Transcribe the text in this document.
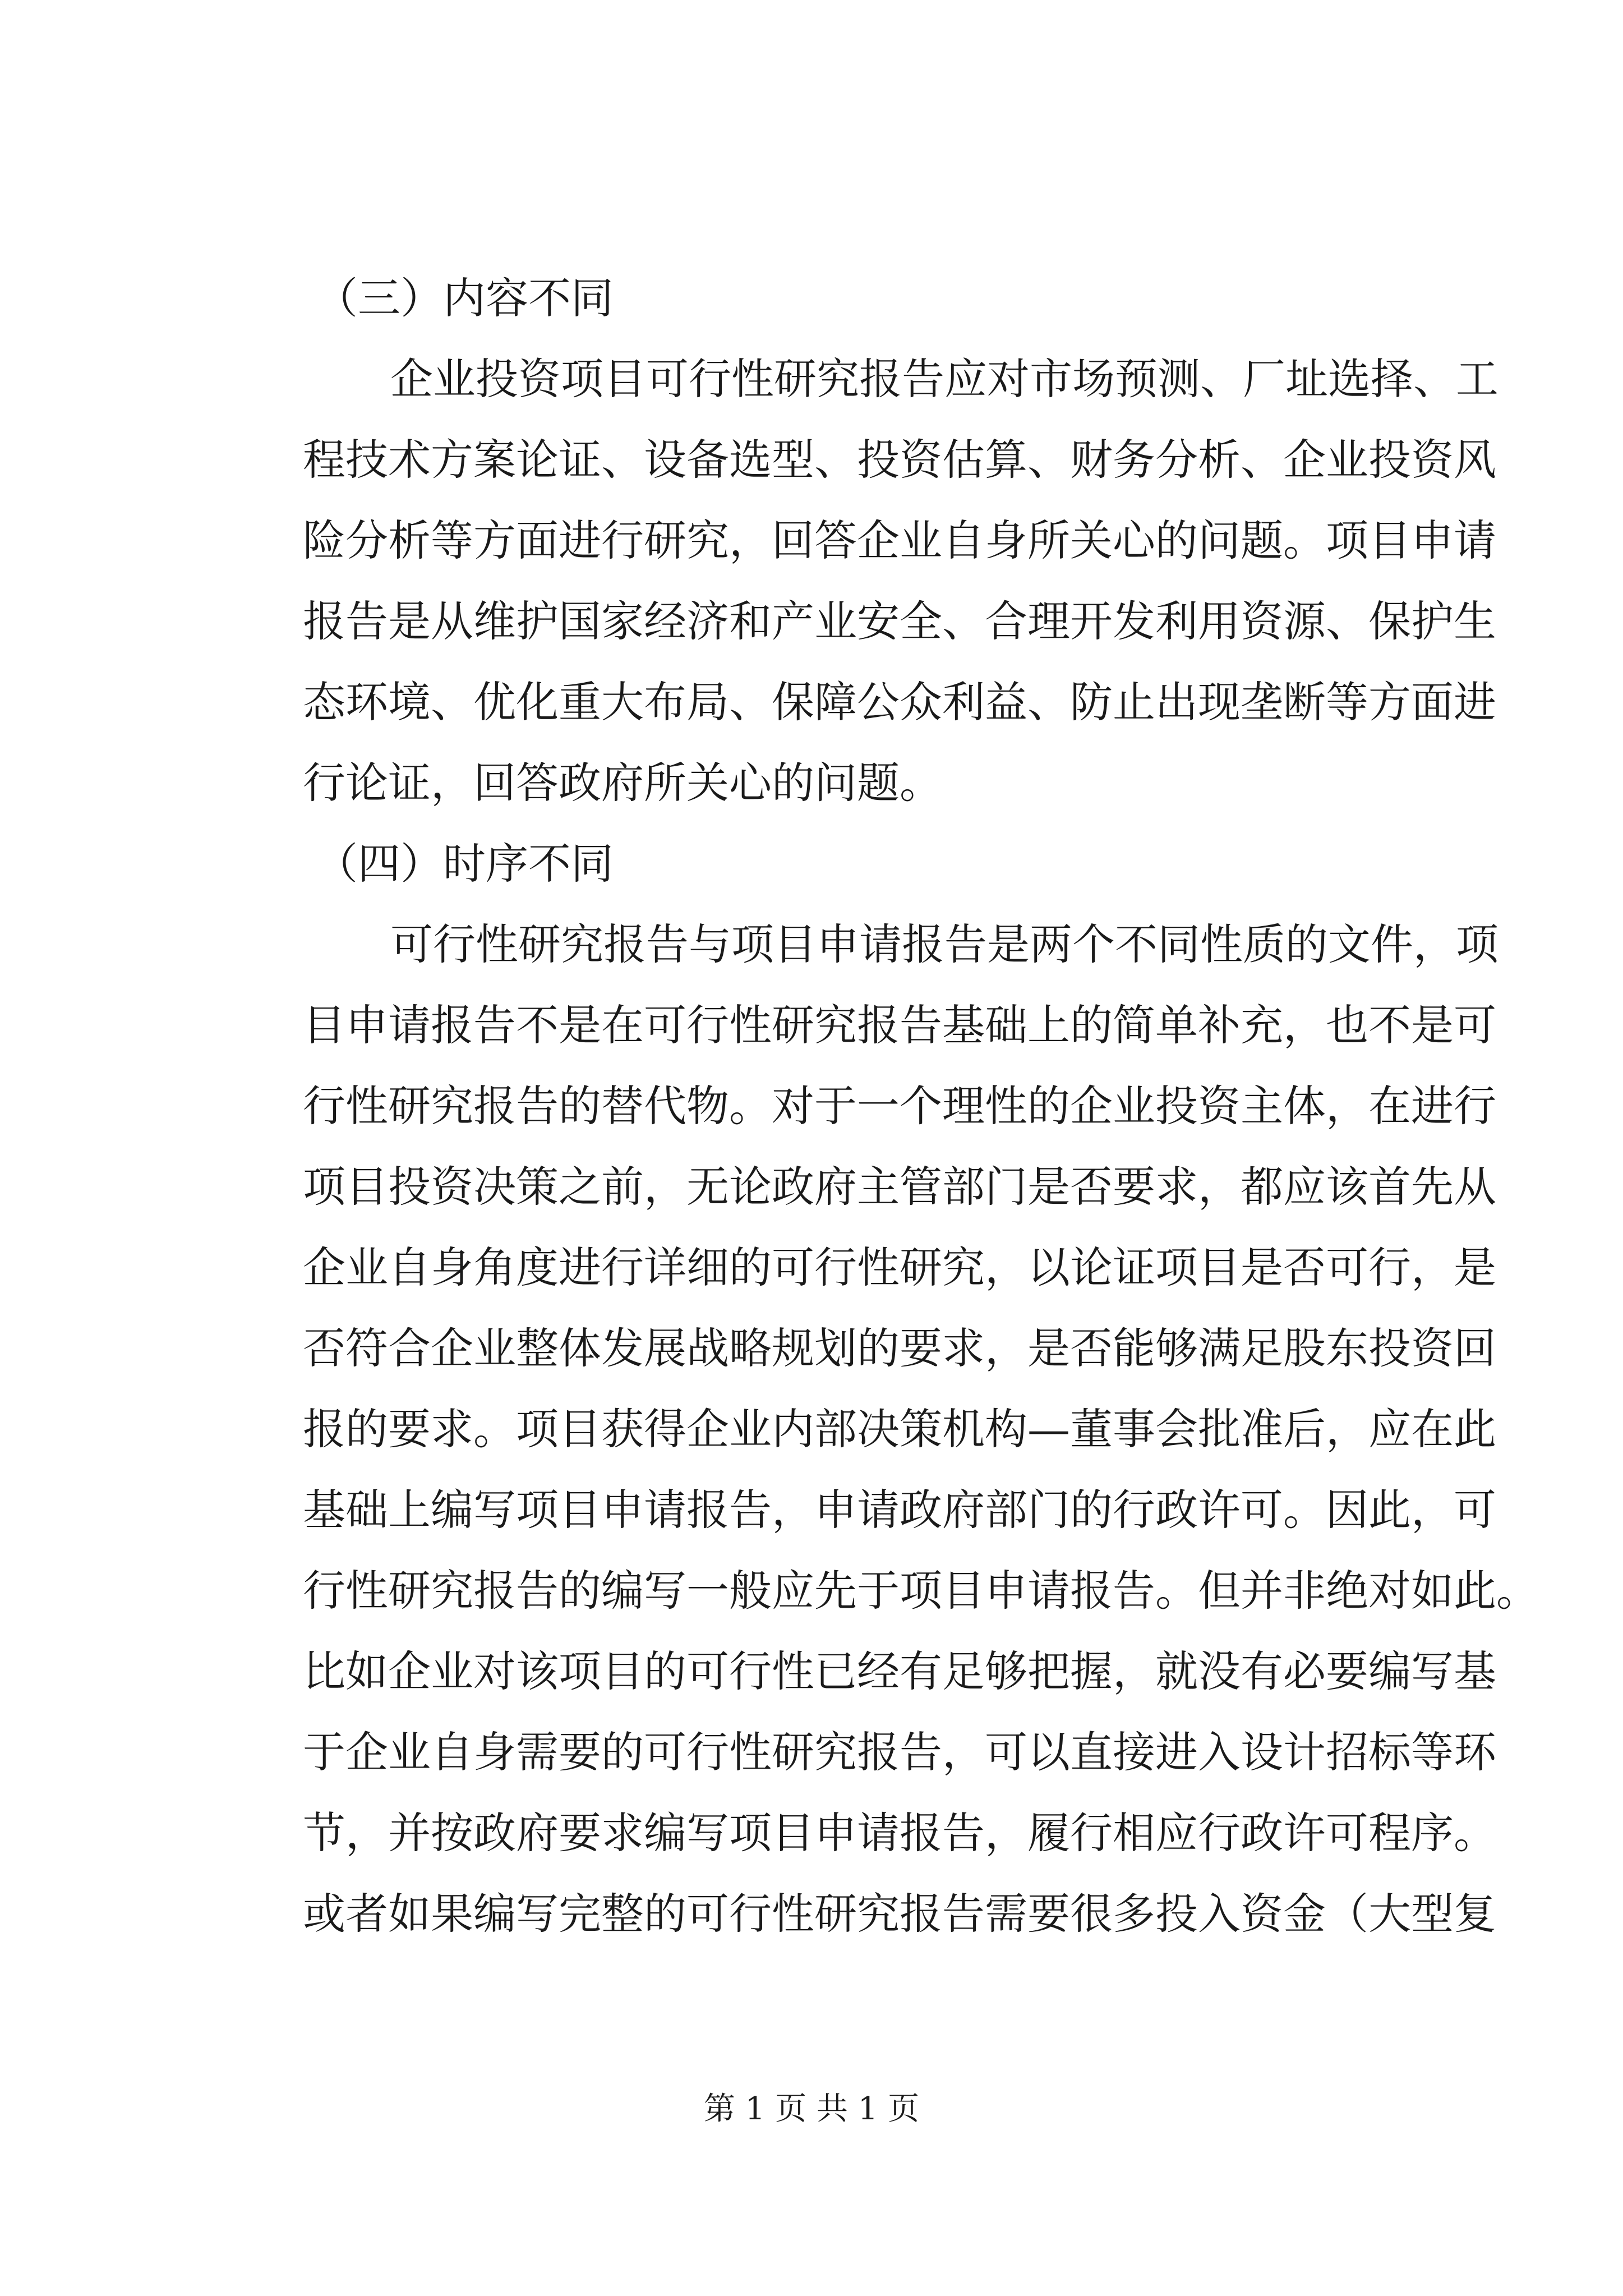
（三）内容不同

企业投资项目可行性研究报告应对市场预测、厂址选择、工
程技术方案论证、设备选型、投资估算、财务分析、企业投资风
险分析等方面进行研究，回答企业自身所关心的问题。项目申请
报告是从维护国家经济和产业安全、合理开发利用资源、保护生
态环境、优化重大布局、保障公众利益、防止出现垄断等方面进
行论证，回答政府所关心的问题。

（四）时序不同

可行性研究报告与项目申请报告是两个不同性质的文件，项
目申请报告不是在可行性研究报告基础上的简单补充，也不是可
行性研究报告的替代物。对于一个理性的企业投资主体，在进行
项目投资决策之前，无论政府主管部门是否要求，都应该首先从
企业自身角度进行详细的可行性研究，以论证项目是否可行，是
否符合企业整体发展战略规划的要求，是否能够满足股东投资回
报的要求。项目获得企业内部决策机构—董事会批准后，应在此
基础上编写项目申请报告，申请政府部门的行政许可。因此，可
行性研究报告的编写一般应先于项目申请报告。但并非绝对如此。
比如企业对该项目的可行性已经有足够把握，就没有必要编写基
于企业自身需要的可行性研究报告，可以直接进入设计招标等环
节，并按政府要求编写项目申请报告，履行相应行政许可程序。
或者如果编写完整的可行性研究报告需要很多投入资金（大型复
第 1 页 共 1 页
